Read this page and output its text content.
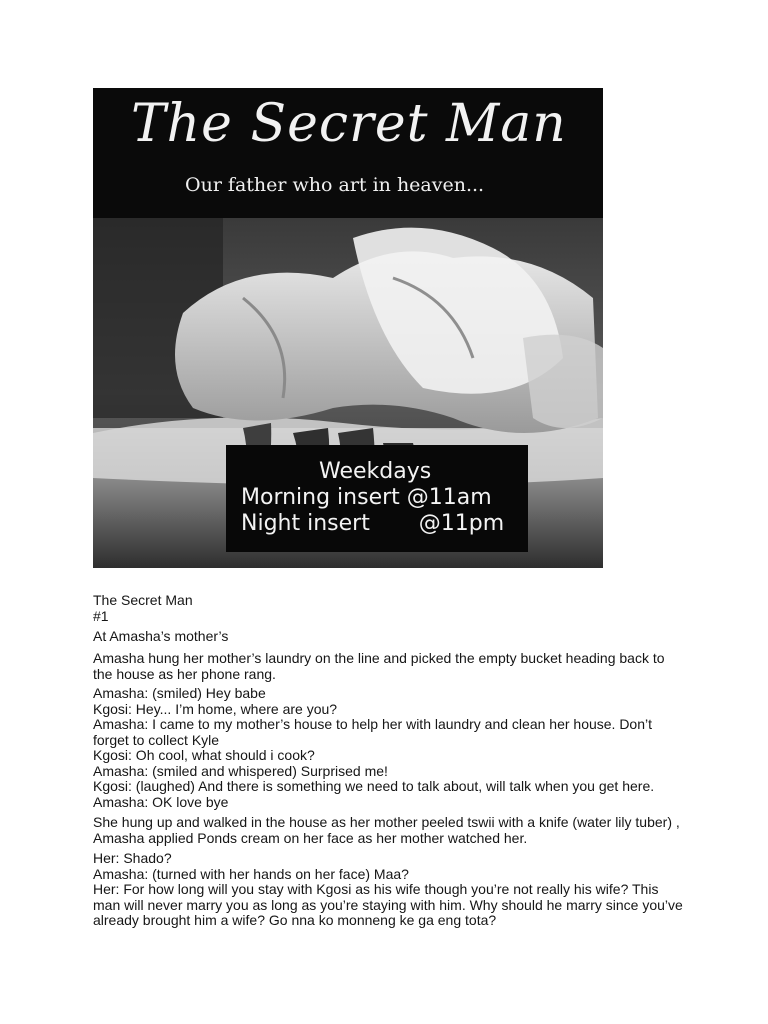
The Secret Man
Our father who art in heaven...
Weekdays
Morning insert @11am
Night insert       @11pm

The Secret Man

#1

At Amasha’s mother’s
Amasha hung her mother’s laundry on the line and picked the empty bucket heading back to the house as her phone rang.

Amasha: (smiled) Hey babe

Kgosi: Hey... I’m home, where are you?

Amasha: I came to my mother’s house to help her with laundry and clean her house. Don’t forget to collect Kyle

Kgosi: Oh cool, what should i cook?

Amasha: (smiled and whispered) Surprised me!

Kgosi: (laughed) And there is something we need to talk about, will talk when you get here.

Amasha: OK love bye

She hung up and walked in the house as her mother peeled tswii with a knife (water lily tuber) , Amasha applied Ponds cream on her face as her mother watched her.

Her: Shado?

Amasha: (turned with her hands on her face) Maa?

Her: For how long will you stay with Kgosi as his wife though you’re not really his wife? This man will never marry you as long as you’re staying with him. Why should he marry since you’ve already brought him a wife? Go nna ko monneng ke ga eng tota?
